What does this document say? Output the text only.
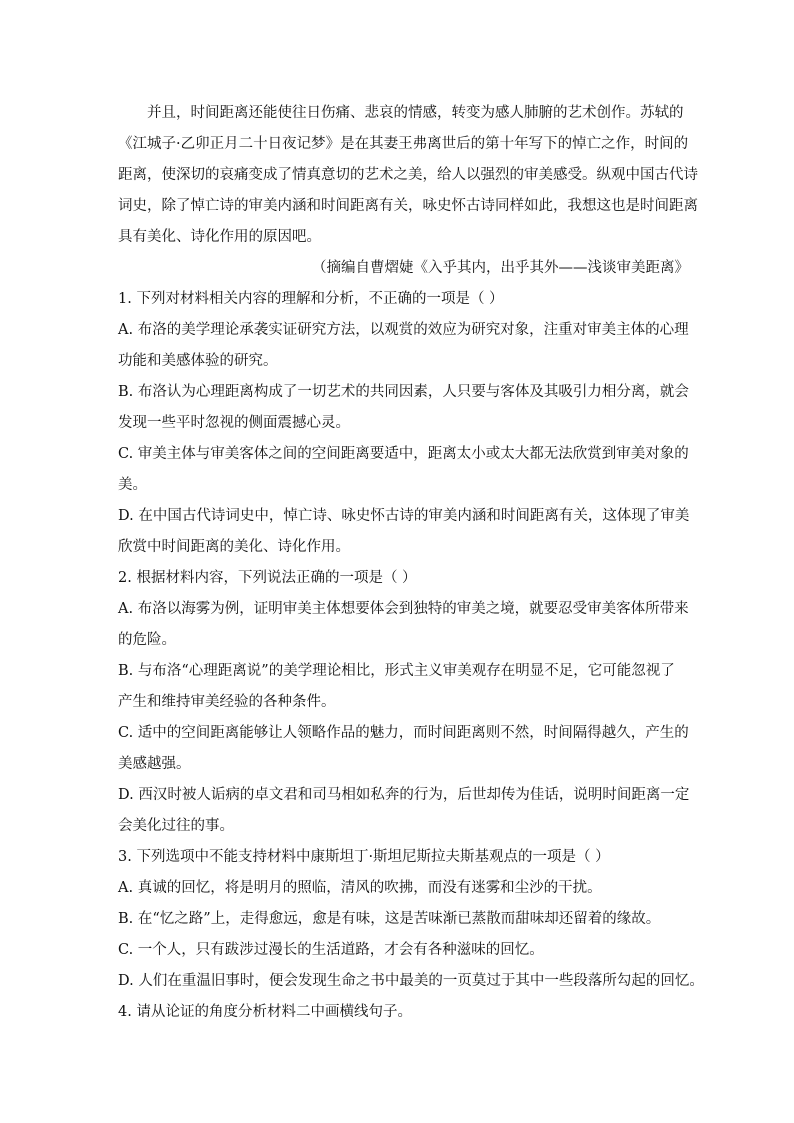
并且，时间距离还能使往日伤痛、悲哀的情感，转变为感人肺腑的艺术创作。苏轼的
《江城子·乙卯正月二十日夜记梦》是在其妻王弗离世后的第十年写下的悼亡之作，时间的
距离，使深切的哀痛变成了情真意切的艺术之美，给人以强烈的审美感受。纵观中国古代诗
词史，除了悼亡诗的审美内涵和时间距离有关，咏史怀古诗同样如此，我想这也是时间距离
具有美化、诗化作用的原因吧。
（摘编自曹熠婕《入乎其内，出乎其外——浅谈审美距离》
1. 下列对材料相关内容的理解和分析，不正确的一项是（ ）
A. 布洛的美学理论承袭实证研究方法，以观赏的效应为研究对象，注重对审美主体的心理
功能和美感体验的研究。
B. 布洛认为心理距离构成了一切艺术的共同因素，人只要与客体及其吸引力相分离，就会
发现一些平时忽视的侧面震撼心灵。
C. 审美主体与审美客体之间的空间距离要适中，距离太小或太大都无法欣赏到审美对象的
美。
D. 在中国古代诗词史中，悼亡诗、咏史怀古诗的审美内涵和时间距离有关，这体现了审美
欣赏中时间距离的美化、诗化作用。
2. 根据材料内容，下列说法正确的一项是（ ）
A. 布洛以海雾为例，证明审美主体想要体会到独特的审美之境，就要忍受审美客体所带来
的危险。
B. 与布洛“心理距离说”的美学理论相比，形式主义审美观存在明显不足，它可能忽视了
产生和维持审美经验的各种条件。
C. 适中的空间距离能够让人领略作品的魅力，而时间距离则不然，时间隔得越久，产生的
美感越强。
D. 西汉时被人诟病的卓文君和司马相如私奔的行为，后世却传为佳话，说明时间距离一定
会美化过往的事。
3. 下列选项中不能支持材料中康斯坦丁·斯坦尼斯拉夫斯基观点的一项是（ ）
A. 真诚的回忆，将是明月的照临，清风的吹拂，而没有迷雾和尘沙的干扰。
B. 在“忆之路”上，走得愈远，愈是有味，这是苦味渐已蒸散而甜味却还留着的缘故。
C. 一个人，只有跋涉过漫长的生活道路，才会有各种滋味的回忆。
D. 人们在重温旧事时，便会发现生命之书中最美的一页莫过于其中一些段落所勾起的回忆。
4. 请从论证的角度分析材料二中画横线句子。
